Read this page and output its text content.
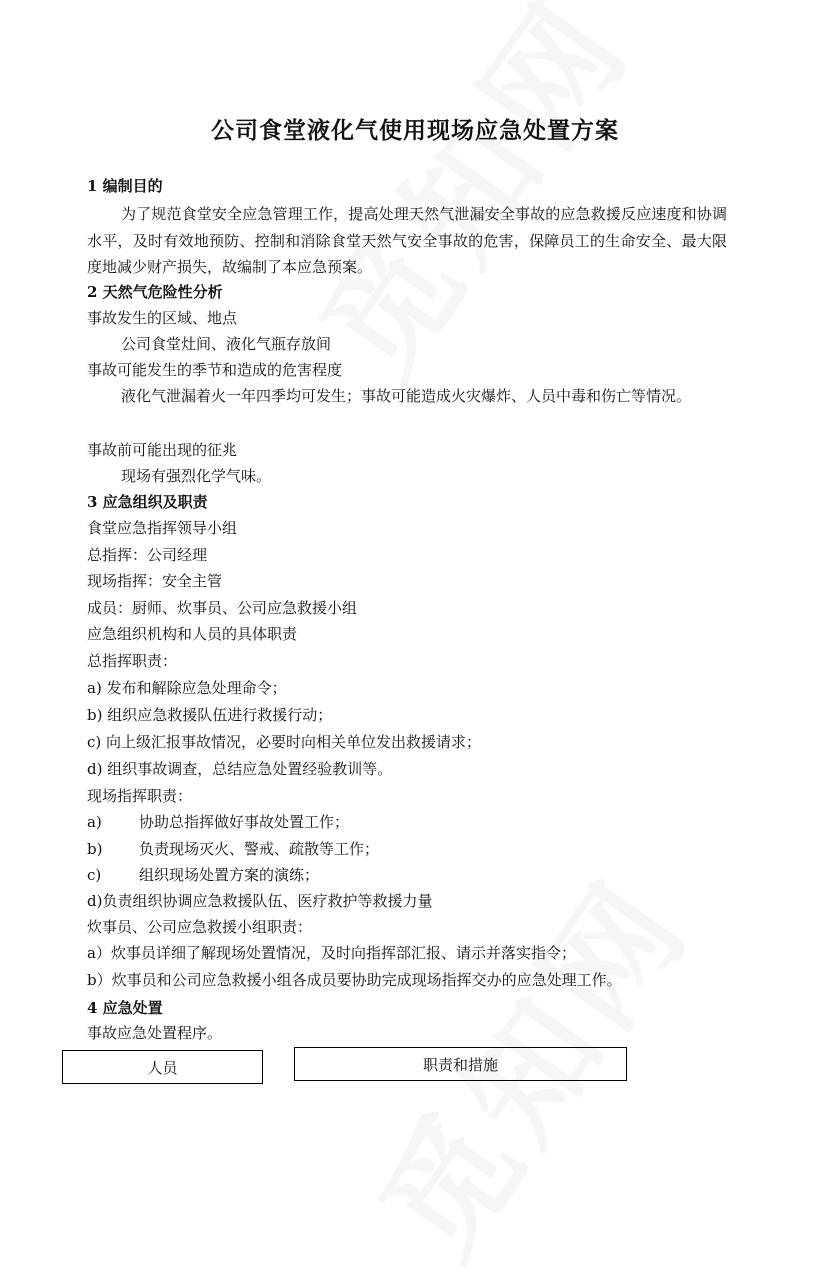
公司食堂液化气使用现场应急处置方案
1 编制目的
为了规范食堂安全应急管理工作，提高处理天然气泄漏安全事故的应急救援反应速度和协调水平，及时有效地预防、控制和消除食堂天然气安全事故的危害，保障员工的生命安全、最大限度地减少财产损失，故编制了本应急预案。
2 天然气危险性分析
事故发生的区域、地点
公司食堂灶间、液化气瓶存放间
事故可能发生的季节和造成的危害程度
液化气泄漏着火一年四季均可发生；事故可能造成火灾爆炸、人员中毒和伤亡等情况。
事故前可能出现的征兆
现场有强烈化学气味。
3 应急组织及职责
食堂应急指挥领导小组
总指挥：公司经理
现场指挥：安全主管
成员：厨师、炊事员、公司应急救援小组
应急组织机构和人员的具体职责
总指挥职责：
a) 发布和解除应急处理命令；
b) 组织应急救援队伍进行救援行动；
c) 向上级汇报事故情况，必要时向相关单位发出救援请求；
d) 组织事故调查，总结应急处置经验教训等。
现场指挥职责：
a) 协助总指挥做好事故处置工作；
b) 负责现场灭火、警戒、疏散等工作；
c)	组织现场处置方案的演练；
d)负责组织协调应急救援队伍、医疗救护等救援力量
炊事员、公司应急救援小组职责：
a）炊事员详细了解现场处置情况，及时向指挥部汇报、请示并落实指令；
b）炊事员和公司应急救援小组各成员要协助完成现场指挥交办的应急处理工作。
4 应急处置
事故应急处置程序。
人员	职责和措施
